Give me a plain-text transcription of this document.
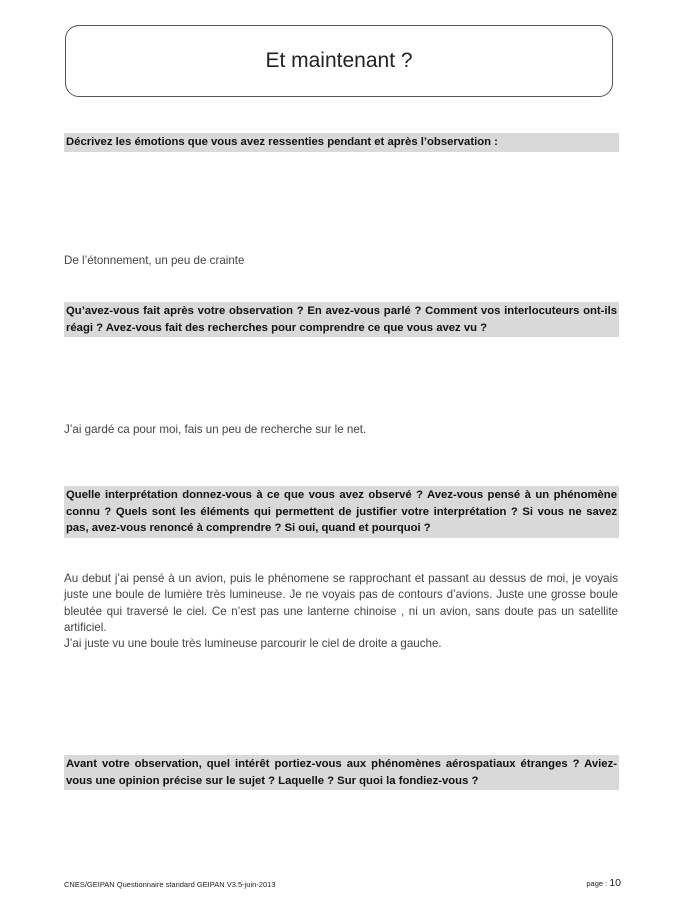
Et maintenant ?
Décrivez les émotions que vous avez ressenties pendant et après l’observation :

De l’étonnement, un peu de crainte

Qu’avez-vous fait après votre observation ? En avez-vous parlé ? Comment vos interlocuteurs ont-ils réagi ? Avez-vous fait des recherches pour comprendre ce que vous avez vu ?

J’ai gardé ca pour moi, fais un peu de recherche sur le net.

Quelle interprétation donnez-vous à ce que vous avez observé ? Avez-vous pensé à un phénomène connu ? Quels sont les éléments qui permettent de justifier votre interprétation ? Si vous ne savez pas, avez-vous renoncé à comprendre ? Si oui, quand et pourquoi ?

Au debut j’ai pensé à un avion, puis le phénomene se rapprochant et passant au dessus de moi, je voyais juste une boule de lumière très lumineuse. Je ne voyais pas de contours d’avions. Juste une grosse boule bleutée qui traversé le ciel. Ce n’est pas une lanterne chinoise , ni un avion, sans doute pas un satellite artificiel.

J’ai juste vu une boule très lumineuse parcourir le ciel de droite a gauche.

Avant votre observation, quel intérêt portiez-vous aux phénomènes aérospatiaux étranges ? Aviez-vous une opinion précise sur le sujet ? Laquelle ? Sur quoi la fondiez-vous ?
CNES/GEIPAN Questionnaire standard GEIPAN V3.5-juin-2013	page : 10
